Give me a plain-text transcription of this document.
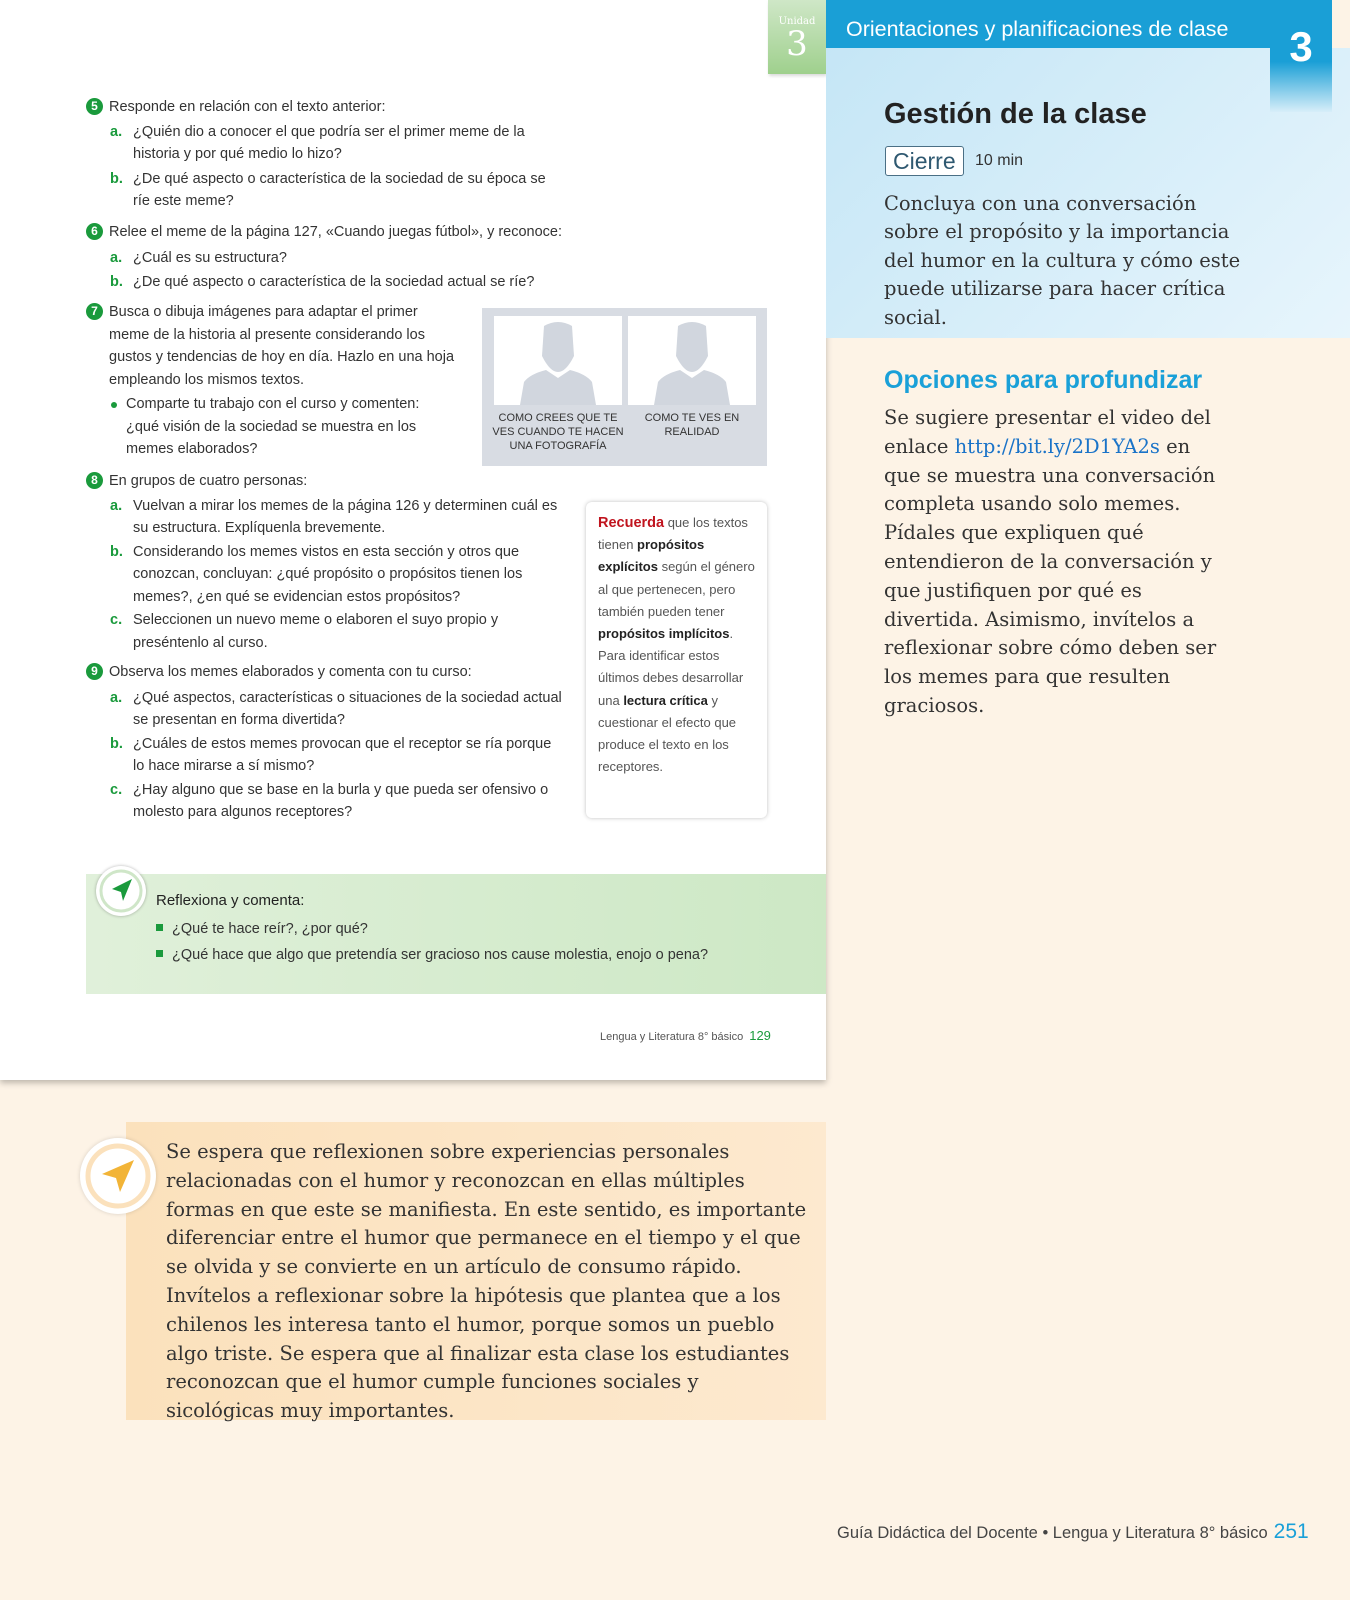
Unidad
3
5 Responde en relación con el texto anterior:
a. ¿Quién dio a conocer el que podría ser el primer meme de la historia y por qué medio lo hizo?
b. ¿De qué aspecto o característica de la sociedad de su época se ríe este meme?
6 Relee el meme de la página 127, «Cuando juegas fútbol», y reconoce:
a. ¿Cuál es su estructura?
b. ¿De qué aspecto o característica de la sociedad actual se ríe?
7 Busca o dibuja imágenes para adaptar el primer meme de la historia al presente considerando los gustos y tendencias de hoy en día. Hazlo en una hoja empleando los mismos textos.
Comparte tu trabajo con el curso y comenten: ¿qué visión de la sociedad se muestra en los memes elaborados?
COMO CREES QUE TE VES CUANDO TE HACEN UNA FOTOGRAFÍA
COMO TE VES EN REALIDAD
8 En grupos de cuatro personas:
a. Vuelvan a mirar los memes de la página 126 y determinen cuál es su estructura. Explíquenla brevemente.
b. Considerando los memes vistos en esta sección y otros que conozcan, concluyan: ¿qué propósito o propósitos tienen los memes?, ¿en qué se evidencian estos propósitos?
c. Seleccionen un nuevo meme o elaboren el suyo propio y preséntenlo al curso.
9 Observa los memes elaborados y comenta con tu curso:
a. ¿Qué aspectos, características o situaciones de la sociedad actual se presentan en forma divertida?
b. ¿Cuáles de estos memes provocan que el receptor se ría porque lo hace mirarse a sí mismo?
c. ¿Hay alguno que se base en la burla y que pueda ser ofensivo o molesto para algunos receptores?
Recuerda que los textos tienen propósitos explícitos según el género al que pertenecen, pero también pueden tener propósitos implícitos. Para identificar estos últimos debes desarrollar una lectura crítica y cuestionar el efecto que produce el texto en los receptores.
Reflexiona y comenta:
¿Qué te hace reír?, ¿por qué?
¿Qué hace que algo que pretendía ser gracioso nos cause molestia, enojo o pena?
Lengua y Literatura 8° básico 129
Orientaciones y planificaciones de clase
Gestión de la clase
Cierre	10 min
Concluya con una conversación sobre el propósito y la importancia del humor en la cultura y cómo este puede utilizarse para hacer crítica social.
3
Opciones para profundizar
Se sugiere presentar el video del enlace http://bit.ly/2D1YA2s en que se muestra una conversación completa usando solo memes. Pídales que expliquen qué entendieron de la conversación y que justifiquen por qué es divertida. Asimismo, invítelos a reflexionar sobre cómo deben ser los memes para que resulten graciosos.
Se espera que reflexionen sobre experiencias personales relacionadas con el humor y reconozcan en ellas múltiples formas en que este se manifiesta. En este sentido, es importante diferenciar entre el humor que permanece en el tiempo y el que se olvida y se convierte en un artículo de consumo rápido. Invítelos a reflexionar sobre la hipótesis que plantea que a los chilenos les interesa tanto el humor, porque somos un pueblo algo triste. Se espera que al finalizar esta clase los estudiantes reconozcan que el humor cumple funciones sociales y sicológicas muy importantes.
Guía Didáctica del Docente • Lengua y Literatura 8° básico 251
